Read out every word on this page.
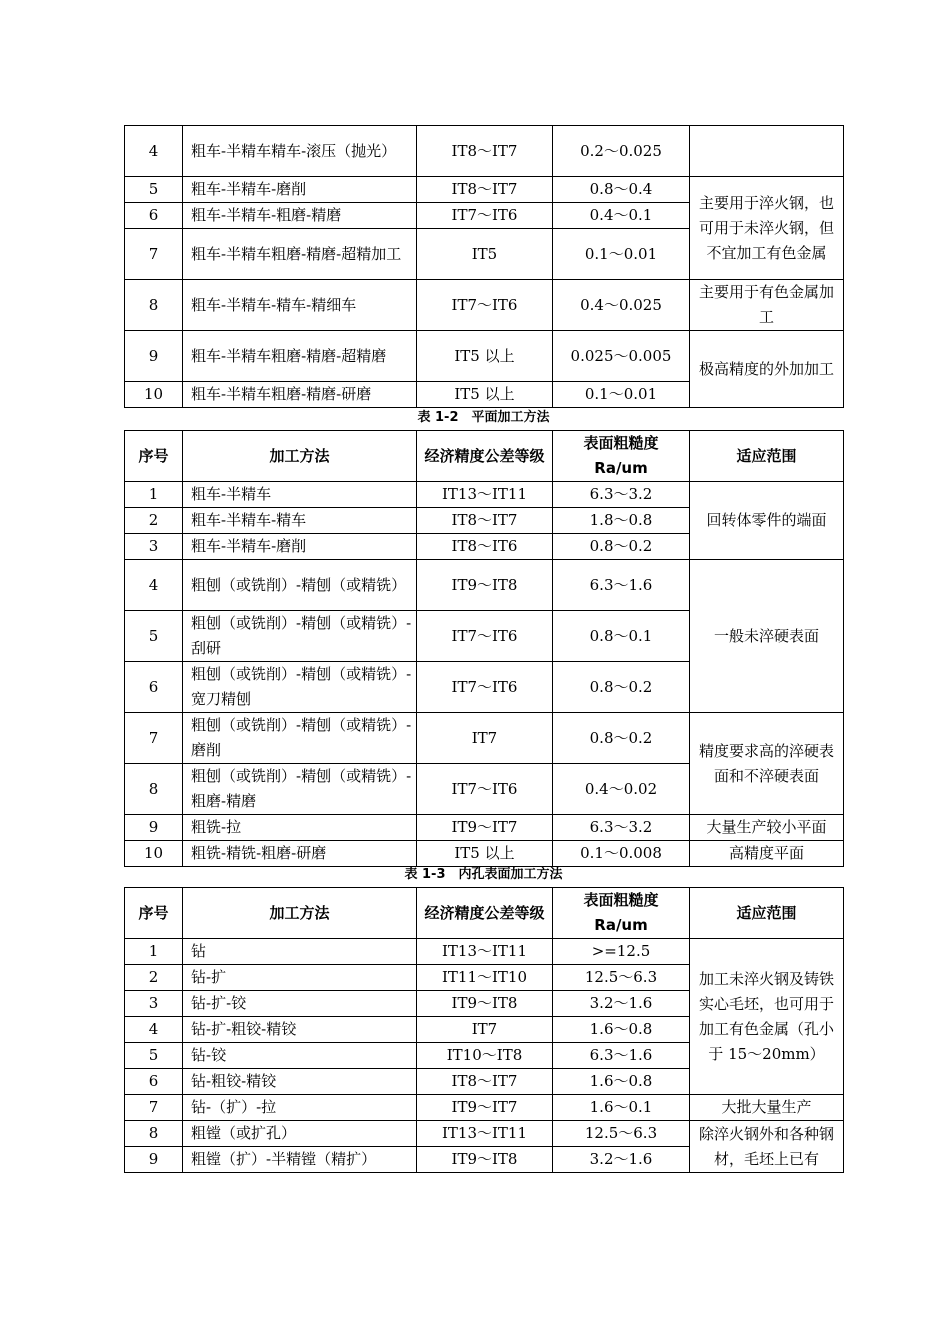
4	粗车-半精车精车-滚压（抛光）	IT8～IT7	0.2～0.025	
5	粗车-半精车-磨削	IT8～IT7	0.8～0.4	主要用于淬火钢，也可用于未淬火钢，但不宜加工有色金属
6	粗车-半精车-粗磨-精磨	IT7～IT6	0.4～0.1	
7	粗车-半精车粗磨-精磨-超精加工	IT5	0.1～0.01	
8	粗车-半精车-精车-精细车	IT7～IT6	0.4～0.025	主要用于有色金属加工
9	粗车-半精车粗磨-精磨-超精磨	IT5 以上	0.025～0.005	极高精度的外加加工
10	粗车-半精车粗磨-精磨-研磨	IT5 以上	0.1～0.01	
表 1-2　平面加工方法
序号	加工方法	经济精度公差等级	表面粗糙度 Ra/um	适应范围
1	粗车-半精车	IT13～IT11	6.3～3.2	回转体零件的端面
2	粗车-半精车-精车	IT8～IT7	1.8～0.8	
3	粗车-半精车-磨削	IT8～IT6	0.8～0.2	
4	粗刨（或铣削）-精刨（或精铣）	IT9～IT8	6.3～1.6	一般未淬硬表面
5	粗刨（或铣削）-精刨（或精铣）-刮研	IT7～IT6	0.8～0.1	
6	粗刨（或铣削）-精刨（或精铣）-宽刀精刨	IT7～IT6	0.8～0.2	
7	粗刨（或铣削）-精刨（或精铣）-磨削	IT7	0.8～0.2	精度要求高的淬硬表面和不淬硬表面
8	粗刨（或铣削）-精刨（或精铣）-粗磨-精磨	IT7～IT6	0.4～0.02	
9	粗铣-拉	IT9～IT7	6.3～3.2	大量生产较小平面
10	粗铣-精铣-粗磨-研磨	IT5 以上	0.1～0.008	高精度平面
表 1-3　内孔表面加工方法
序号	加工方法	经济精度公差等级	表面粗糙度 Ra/um	适应范围
1	钻	IT13～IT11	>=12.5	加工未淬火钢及铸铁实心毛坯，也可用于加工有色金属（孔小于 15～20mm）
2	钻-扩	IT11～IT10	12.5～6.3	
3	钻-扩-铰	IT9～IT8	3.2～1.6	
4	钻-扩-粗铰-精铰	IT7	1.6～0.8	
5	钻-铰	IT10～IT8	6.3～1.6	
6	钻-粗铰-精铰	IT8～IT7	1.6～0.8	
7	钻-（扩）-拉	IT9～IT7	1.6～0.1	大批大量生产
8	粗镗（或扩孔）	IT13～IT11	12.5～6.3	除淬火钢外和各种钢材，毛坯上已有
9	粗镗（扩）-半精镗（精扩）	IT9～IT8	3.2～1.6	
